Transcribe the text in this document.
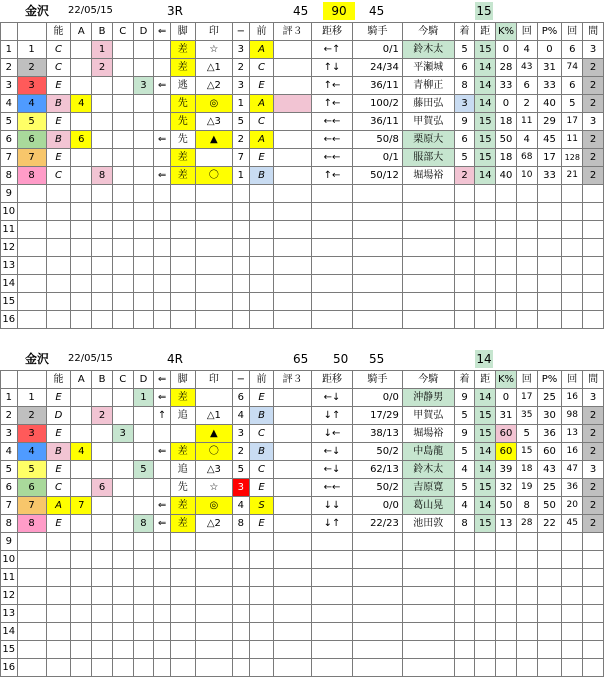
金沢 22/05/15	3R	45	90	45	15
		能	A	B	C	D	⇐	脚	印	−	前	評３	距移	騎手	今騎	着	距	K%	回	P%	回	間
1	1	C		1				差	☆	3	A		←↑	0/1	鈴木太	5	15	0	4	0	6	3
2	2	C		2				差	△1	2	C		↑↓	24/34	平瀬城	6	14	28	43	31	74	2
3	3	E				3	⇐	逃	△2	3	E		↑←	36/11	青柳正	8	14	33	6	33	6	2
4	4	B	4					先	◎	1	A		↑←	100/2	藤田弘	3	14	0	2	40	5	2
5	5	E						先	△3	5	C		←←	36/11	甲賀弘	9	15	18	11	29	17	3
6	6	B	6				⇐	先	▲	2	A		←←	50/8	栗原大	6	15	50	4	45	11	2
7	7	E						差		7	E		←←	0/1	服部大	5	15	18	68	17	128	2
8	8	C		8			⇐	差	〇	1	B		↑←	50/12	堀場裕	2	14	40	10	33	21	2
9																						
10																						
11																						
12																						
13																						
14																						
15																						
16																						
金沢 22/05/15	4R	65 50 55	14
		能	A	B	C	D	⇐	脚	印	−	前	評３	距移	騎手	今騎	着	距	K%	回	P%	回	間
1	1	E				1	⇐	差		6	E		←↓	0/0	沖静男	9	14	0	17	25	16	3
2	2	D		2			↑	追	△1	4	B		↓↑	17/29	甲賀弘	5	15	31	35	30	98	2
3	3	E			3				▲	3	C		↓←	38/13	堀場裕	9	15	60	5	36	13	2
4	4	B	4				⇐	差	〇	2	B		←↓	50/2	中島龍	5	14	60	15	60	16	2
5	5	E				5		追	△3	5	C		←↓	62/13	鈴木太	4	14	39	18	43	47	3
6	6	C		6				先	☆	3	E		←←	50/2	吉原寛	5	15	32	19	25	36	2
7	7	A	7				⇐	差	◎	4	S		↓↓	0/0	葛山晃	4	14	50	8	50	20	2
8	8	E				8	⇐	差	△2	8	E		↓↑	22/23	池田敦	8	15	13	28	22	45	2
9																						
10																						
11																						
12																						
13																						
14																						
15																						
16																						
